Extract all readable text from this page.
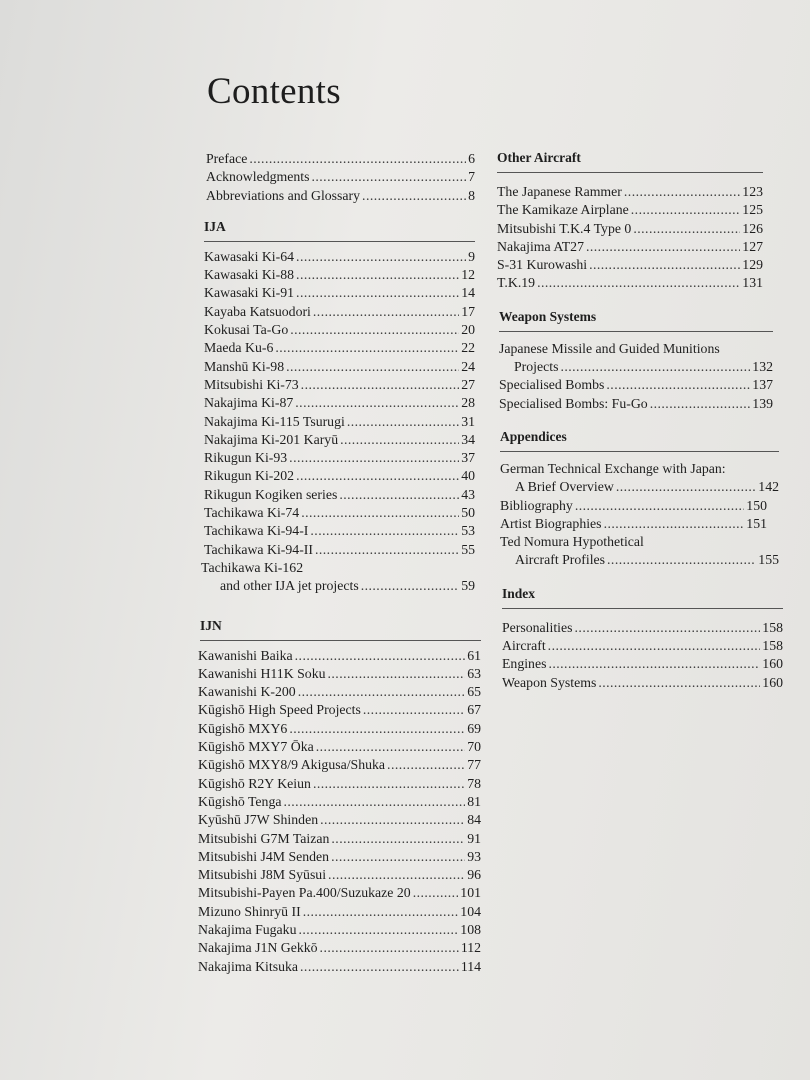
Contents
Preface . . .	6
Acknowledgments . . .	7
Abbreviations and Glossary . . .	8
IJA
Kawasaki Ki-64 . . .	9
Kawasaki Ki-88 . . .	12
Kawasaki Ki-91 . . .	14
Kayaba Katsuodori . . .	17
Kokusai Ta-Go . . .	20
Maeda Ku-6 . . .	22
Manshū Ki-98 . . .	24
Mitsubishi Ki-73 . . .	27
Nakajima Ki-87 . . .	28
Nakajima Ki-115 Tsurugi . . .	31
Nakajima Ki-201 Karyū . . .	34
Rikugun Ki-93 . . .	37
Rikugun Ki-202 . . .	40
Rikugun Kogiken series . . .	43
Tachikawa Ki-74 . . .	50
Tachikawa Ki-94-I . . .	53
Tachikawa Ki-94-II . . .	55
Tachikawa Ki-162
and other IJA jet projects . . .	59
IJN
Kawanishi Baika . . .	61
Kawanishi H11K Soku . . .	63
Kawanishi K-200 . . .	65
Kūgishō High Speed Projects . . .	67
Kūgishō MXY6 . . .	69
Kūgishō MXY7 Ōka . . .	70
Kūgishō MXY8/9 Akigusa/Shuka . . .	77
Kūgishō R2Y Keiun . . .	78
Kūgishō Tenga . . .	81
Kyūshū J7W Shinden . . .	84
Mitsubishi G7M Taizan . . .	91
Mitsubishi J4M Senden . . .	93
Mitsubishi J8M Syūsui . . .	96
Mitsubishi-Payen Pa.400/Suzukaze 20 . . .	101
Mizuno Shinryū II . . .	104
Nakajima Fugaku . . .	108
Nakajima J1N Gekkō . . .	112
Nakajima Kitsuka . . .	114
Other Aircraft
The Japanese Rammer . . .	123
The Kamikaze Airplane . . .	125
Mitsubishi T.K.4 Type 0 . . .	126
Nakajima AT27 . . .	127
S-31 Kurowashi . . .	129
T.K.19 . . .	131
Weapon Systems
Japanese Missile and Guided Munitions
Projects . . .	132
Specialised Bombs . . .	137
Specialised Bombs: Fu-Go . . .	139
Appendices
German Technical Exchange with Japan:
A Brief Overview . . .	142
Bibliography . . .	150
Artist Biographies . . .	151
Ted Nomura Hypothetical
Aircraft Profiles . . .	155
Index
Personalities . . .	158
Aircraft . . .	158
Engines . . .	160
Weapon Systems . . .	160
